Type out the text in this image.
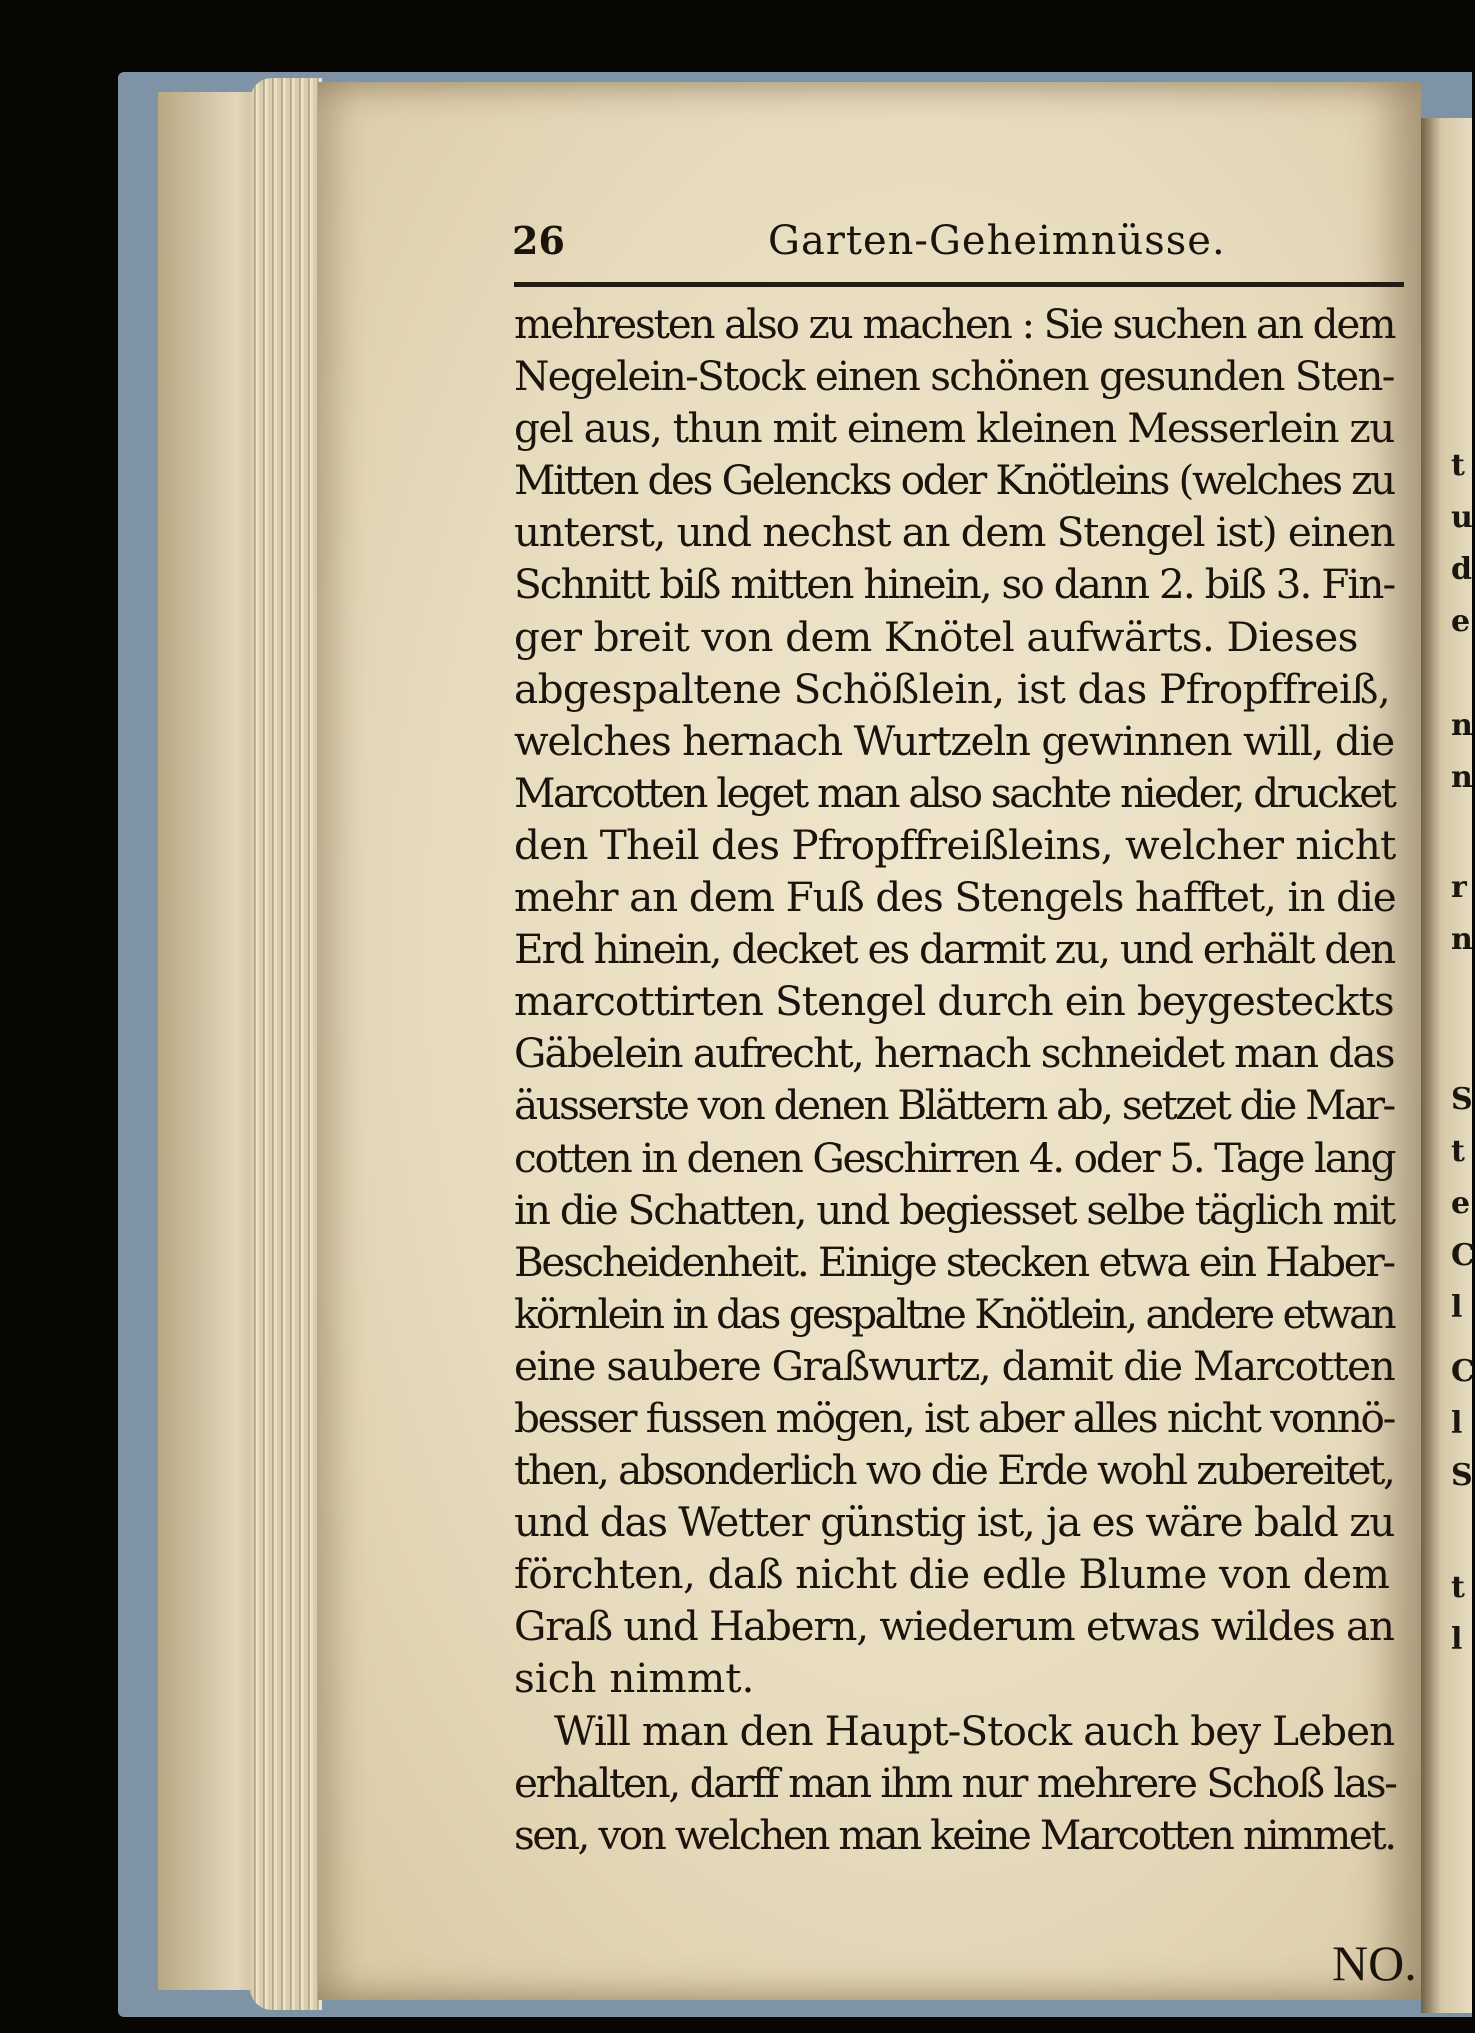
t
u
d
e
n
n
r
n
S
t
e
C
l
C
l
S
t
l
26	Garten-Geheimnüsse.
mehresten also zu machen : Sie suchen an dem
Negelein-Stock einen schönen gesunden Sten-
gel aus, thun mit einem kleinen Messerlein zu
Mitten des Gelencks oder Knötleins (welches zu
unterst, und nechst an dem Stengel ist) einen
Schnitt biß mitten hinein, so dann 2. biß 3. Fin-
ger breit von dem Knötel aufwärts. Dieses
abgespaltene Schößlein, ist das Pfropffreiß,
welches hernach Wurtzeln gewinnen will, die
Marcotten leget man also sachte nieder, drucket
den Theil des Pfropffreißleins, welcher nicht
mehr an dem Fuß des Stengels hafftet, in die
Erd hinein, decket es darmit zu, und erhält den
marcottirten Stengel durch ein beygesteckts
Gäbelein aufrecht, hernach schneidet man das
äusserste von denen Blättern ab, setzet die Mar-
cotten in denen Geschirren 4. oder 5. Tage lang
in die Schatten, und begiesset selbe täglich mit
Bescheidenheit. Einige stecken etwa ein Haber-
körnlein in das gespaltne Knötlein, andere etwan
eine saubere Graßwurtz, damit die Marcotten
besser fussen mögen, ist aber alles nicht vonnö-
then, absonderlich wo die Erde wohl zubereitet,
und das Wetter günstig ist, ja es wäre bald zu
förchten, daß nicht die edle Blume von dem
Graß und Habern, wiederum etwas wildes an
sich nimmt.
Will man den Haupt-Stock auch bey Leben
erhalten, darff man ihm nur mehrere Schoß las-
sen, von welchen man keine Marcotten nimmet.
NO.
